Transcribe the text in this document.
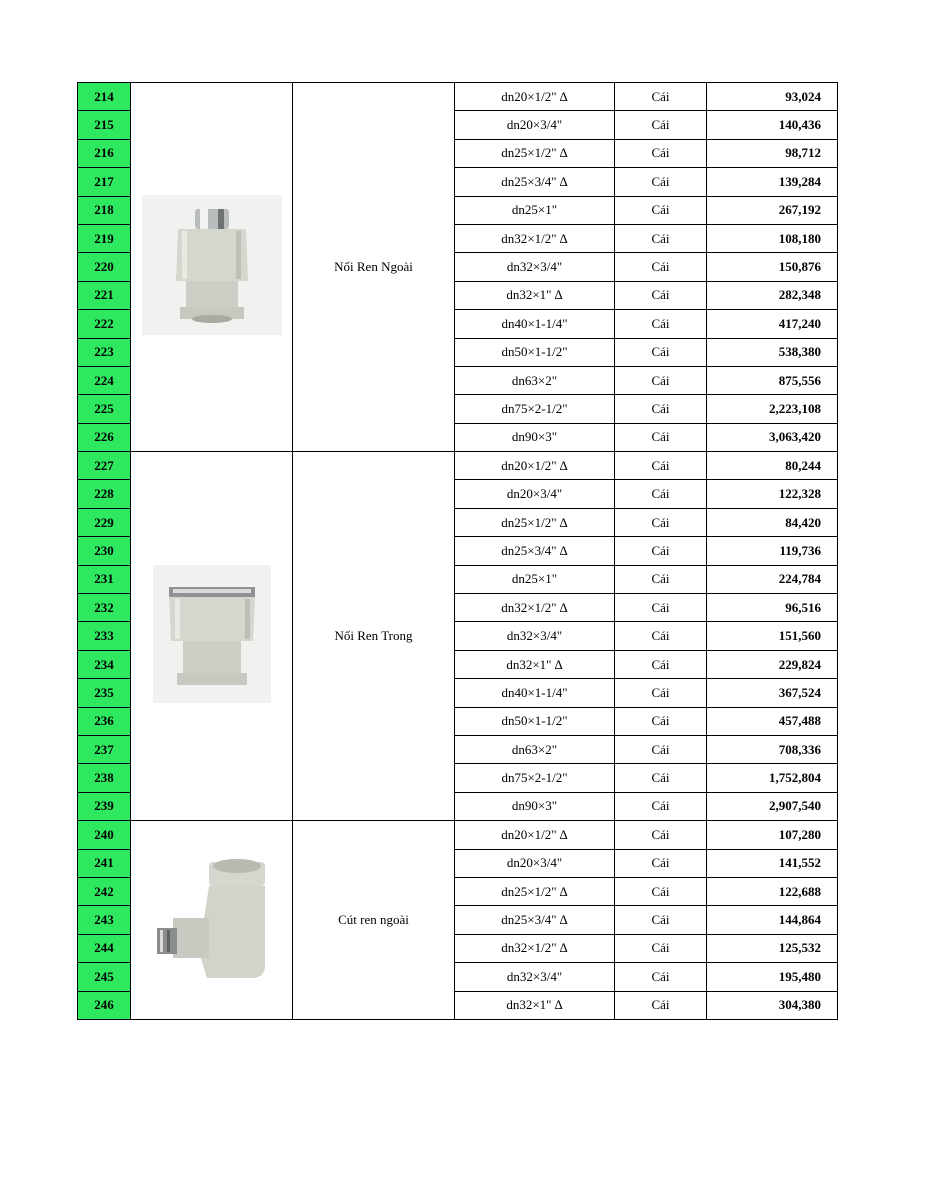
214		Nối Ren Ngoài	dn20×1/2" ∆	Cái	93,024
215			dn20×3/4"	Cái	140,436
216			dn25×1/2" ∆	Cái	98,712
217			dn25×3/4" ∆	Cái	139,284
218			dn25×1"	Cái	267,192
219			dn32×1/2" ∆	Cái	108,180
220			dn32×3/4"	Cái	150,876
221			dn32×1" ∆	Cái	282,348
222			dn40×1-1/4"	Cái	417,240
223			dn50×1-1/2"	Cái	538,380
224			dn63×2"	Cái	875,556
225			dn75×2-1/2"	Cái	2,223,108
226			dn90×3"	Cái	3,063,420
227		Nối Ren Trong	dn20×1/2" ∆	Cái	80,244
228			dn20×3/4"	Cái	122,328
229			dn25×1/2" ∆	Cái	84,420
230			dn25×3/4" ∆	Cái	119,736
231			dn25×1"	Cái	224,784
232			dn32×1/2" ∆	Cái	96,516
233			dn32×3/4"	Cái	151,560
234			dn32×1" ∆	Cái	229,824
235			dn40×1-1/4"	Cái	367,524
236			dn50×1-1/2"	Cái	457,488
237			dn63×2"	Cái	708,336
238			dn75×2-1/2"	Cái	1,752,804
239			dn90×3"	Cái	2,907,540
240		Cút ren ngoài	dn20×1/2" ∆	Cái	107,280
241			dn20×3/4"	Cái	141,552
242			dn25×1/2" ∆	Cái	122,688
243			dn25×3/4" ∆	Cái	144,864
244			dn32×1/2" ∆	Cái	125,532
245			dn32×3/4"	Cái	195,480
246			dn32×1" ∆	Cái	304,380
